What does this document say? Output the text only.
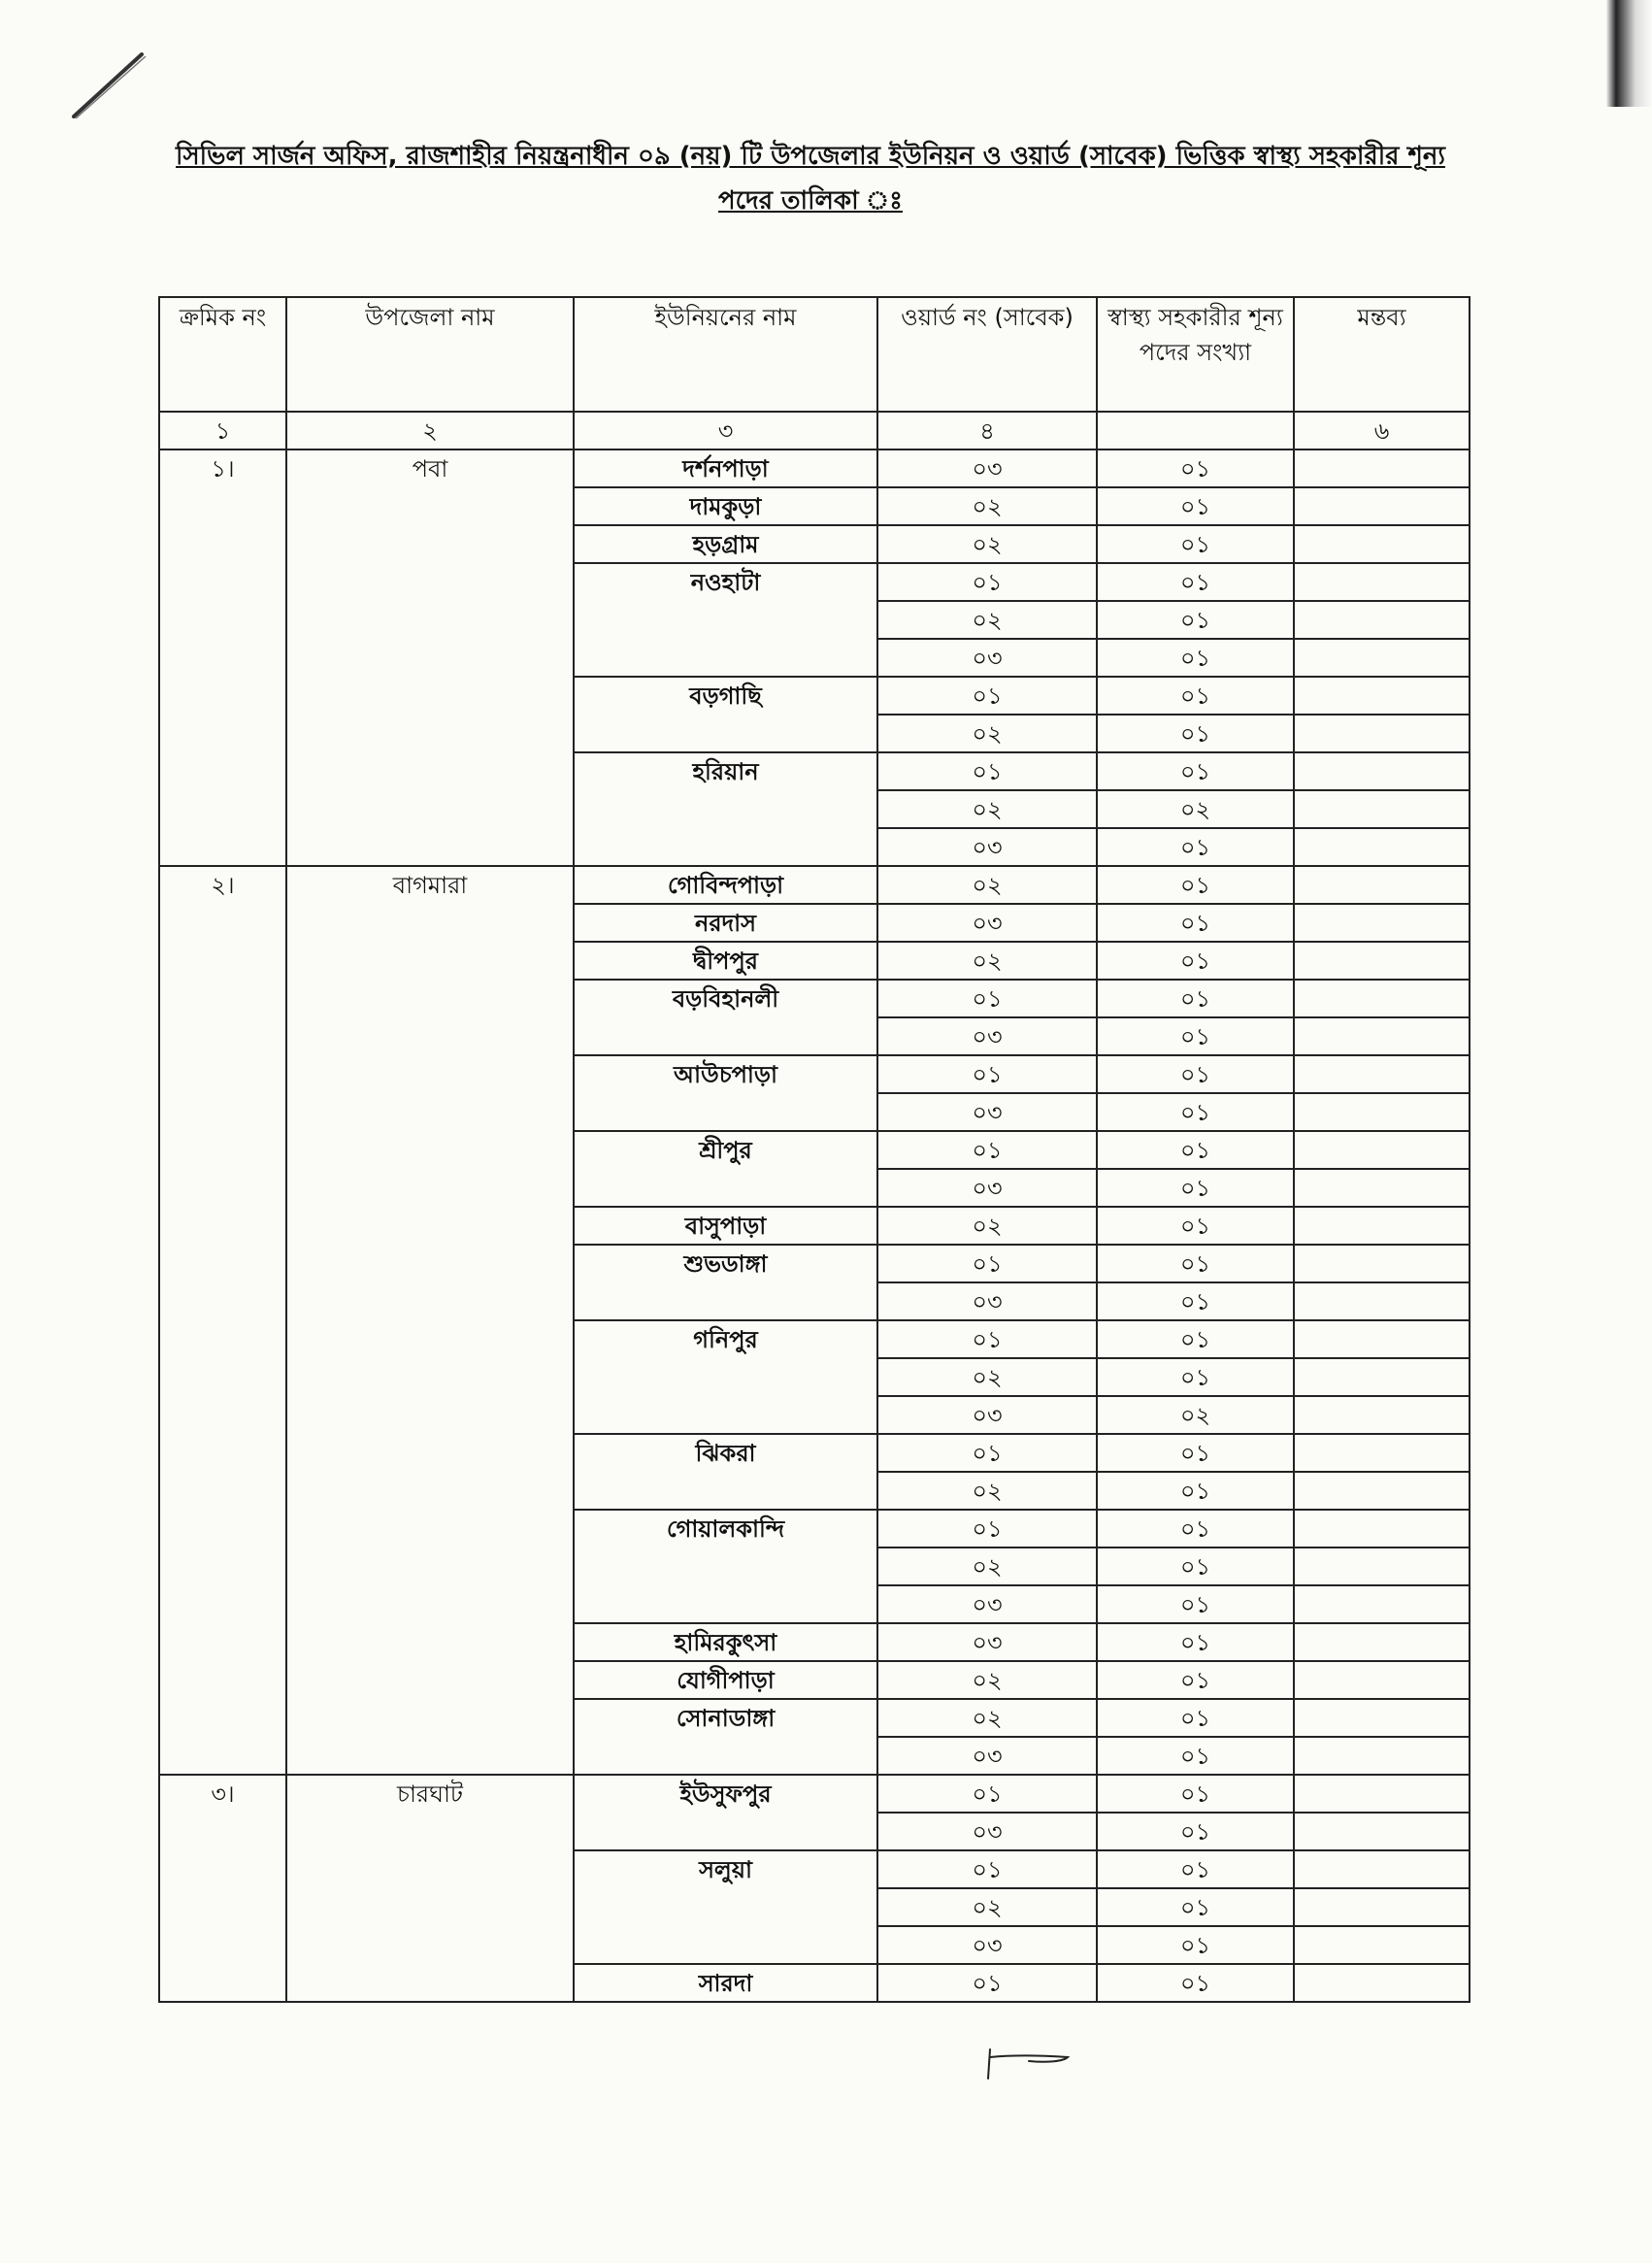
সিভিল সার্জন অফিস, রাজশাহীর নিয়ন্ত্রনাধীন ০৯ (নয়) টি উপজেলার ইউনিয়ন ও ওয়ার্ড (সাবেক) ভিত্তিক স্বাস্থ্য সহকারীর শূন্য পদের তালিকা ঃ
ক্রমিক নং	উপজেলা নাম	ইউনিয়নের নাম	ওয়ার্ড নং (সাবেক)	স্বাস্থ্য সহকারীর শূন্য পদের সংখ্যা	মন্তব্য
১	২	৩	৪		৬
১।	পবা	দর্শনপাড়া	০৩	০১	
		দামকুড়া	০২	০১	
		হড়গ্রাম	০২	০১	
		নওহাটা	০১	০১	
			০২	০১	
			০৩	০১	
		বড়গাছি	০১	০১	
			০২	০১	
		হরিয়ান	০১	০১	
			০২	০২	
			০৩	০১	
২।	বাগমারা	গোবিন্দপাড়া	০২	০১	
		নরদাস	০৩	০১	
		দ্বীপপুর	০২	০১	
		বড়বিহানলী	০১	০১	
			০৩	০১	
		আউচপাড়া	০১	০১	
			০৩	০১	
		শ্রীপুর	০১	০১	
			০৩	০১	
		বাসুপাড়া	০২	০১	
		শুভডাঙ্গা	০১	০১	
			০৩	০১	
		গনিপুর	০১	০১	
			০২	০১	
			০৩	০২	
		ঝিকরা	০১	০১	
			০২	০১	
		গোয়ালকান্দি	০১	০১	
			০২	০১	
			০৩	০১	
		হামিরকুৎসা	০৩	০১	
		যোগীপাড়া	০২	০১	
		সোনাডাঙ্গা	০২	০১	
			০৩	০১	
৩।	চারঘাট	ইউসুফপুর	০১	০১	
			০৩	০১	
		সলুয়া	০১	০১	
			০২	০১	
			০৩	০১	
		সারদা	০১	০১	
